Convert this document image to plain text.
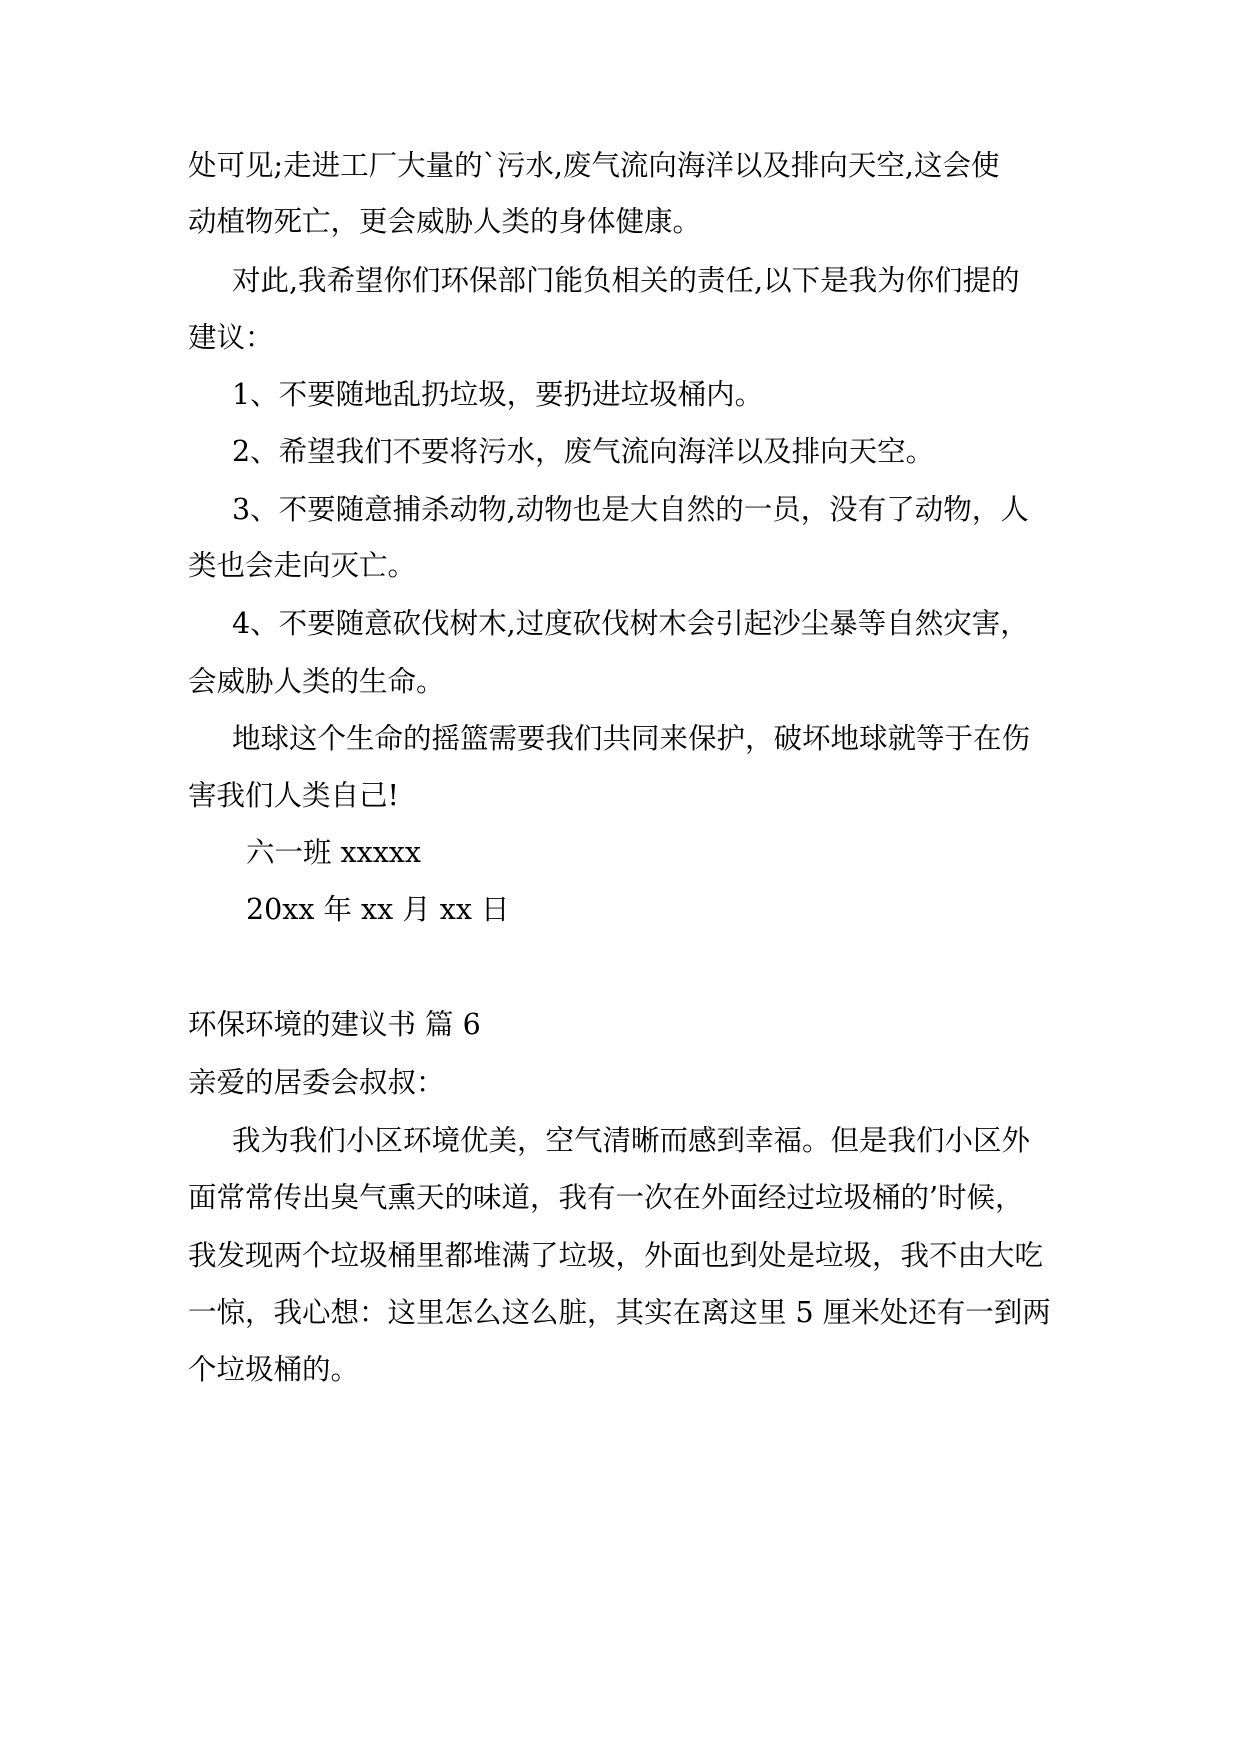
处可见;走进工厂大量的`污水,废气流向海洋以及排向天空,这会使

动植物死亡，更会威胁人类的身体健康。

对此,我希望你们环保部门能负相关的责任,以下是我为你们提的

建议：

1、不要随地乱扔垃圾，要扔进垃圾桶内。

2、希望我们不要将污水，废气流向海洋以及排向天空。

3、不要随意捕杀动物,动物也是大自然的一员，没有了动物，人

类也会走向灭亡。

4、不要随意砍伐树木,过度砍伐树木会引起沙尘暴等自然灾害，

会威胁人类的生命。

地球这个生命的摇篮需要我们共同来保护，破坏地球就等于在伤

害我们人类自己!

六一班 xxxxx

20xx 年 xx 月 xx 日

环保环境的建议书 篇 6

亲爱的居委会叔叔：

我为我们小区环境优美，空气清晰而感到幸福。但是我们小区外

面常常传出臭气熏天的味道，我有一次在外面经过垃圾桶的’时候，

我发现两个垃圾桶里都堆满了垃圾，外面也到处是垃圾，我不由大吃

一惊，我心想：这里怎么这么脏，其实在离这里 5 厘米处还有一到两

个垃圾桶的。
